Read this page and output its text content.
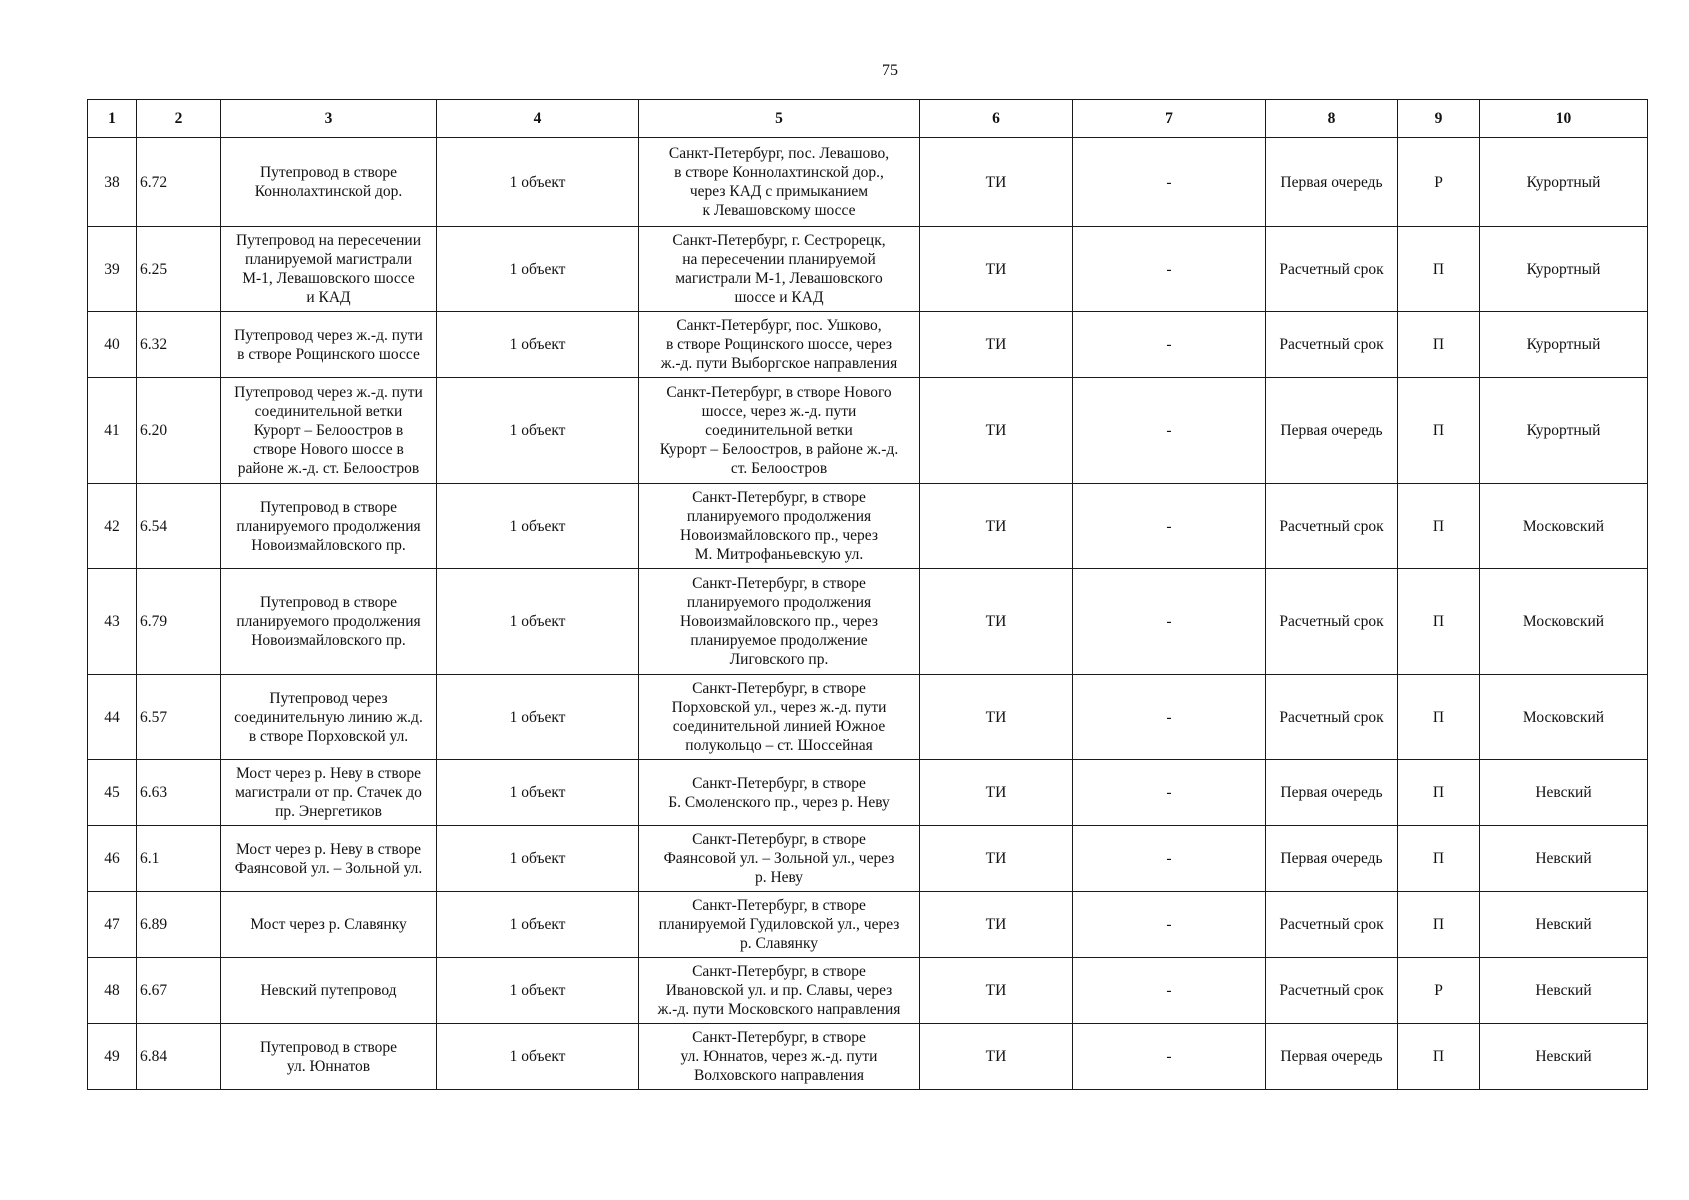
75
1	2	3	4	5	6	7	8	9	10
38	6.72	Путепровод в створе
Коннолахтинской дор.	1 объект	Санкт-Петербург, пос. Левашово,
в створе Коннолахтинской дор.,
через КАД с примыканием
к Левашовскому шоссе	ТИ	-	Первая очередь	Р	Курортный
39	6.25	Путепровод на пересечении
планируемой магистрали
М-1, Левашовского шоссе
и КАД	1 объект	Санкт-Петербург, г. Сестрорецк,
на пересечении планируемой
магистрали М-1, Левашовского
шоссе и КАД	ТИ	-	Расчетный срок	П	Курортный
40	6.32	Путепровод через ж.-д. пути
в створе Рощинского шоссе	1 объект	Санкт-Петербург, пос. Ушково,
в створе Рощинского шоссе, через
ж.-д. пути Выборгское направления	ТИ	-	Расчетный срок	П	Курортный
41	6.20	Путепровод через ж.-д. пути
соединительной ветки
Курорт – Белоостров в
створе Нового шоссе в
районе ж.-д. ст. Белоостров	1 объект	Санкт-Петербург, в створе Нового
шоссе, через ж.-д. пути
соединительной ветки
Курорт – Белоостров, в районе ж.-д.
ст. Белоостров	ТИ	-	Первая очередь	П	Курортный
42	6.54	Путепровод в створе
планируемого продолжения
Новоизмайловского пр.	1 объект	Санкт-Петербург, в створе
планируемого продолжения
Новоизмайловского пр., через
М. Митрофаньевскую ул.	ТИ	-	Расчетный срок	П	Московский
43	6.79	Путепровод в створе
планируемого продолжения
Новоизмайловского пр.	1 объект	Санкт-Петербург, в створе
планируемого продолжения
Новоизмайловского пр., через
планируемое продолжение
Лиговского пр.	ТИ	-	Расчетный срок	П	Московский
44	6.57	Путепровод через
соединительную линию ж.д.
в створе Порховской ул.	1 объект	Санкт-Петербург, в створе
Порховской ул., через ж.-д. пути
соединительной линией Южное
полукольцо – ст. Шоссейная	ТИ	-	Расчетный срок	П	Московский
45	6.63	Мост через р. Неву в створе
магистрали от пр. Стачек до
пр. Энергетиков	1 объект	Санкт-Петербург, в створе
Б. Смоленского пр., через р. Неву	ТИ	-	Первая очередь	П	Невский
46	6.1	Мост через р. Неву в створе
Фаянсовой ул. – Зольной ул.	1 объект	Санкт-Петербург, в створе
Фаянсовой ул. – Зольной ул., через
р. Неву	ТИ	-	Первая очередь	П	Невский
47	6.89	Мост через р. Славянку	1 объект	Санкт-Петербург, в створе
планируемой Гудиловской ул., через
р. Славянку	ТИ	-	Расчетный срок	П	Невский
48	6.67	Невский путепровод	1 объект	Санкт-Петербург, в створе
Ивановской ул. и пр. Славы, через
ж.-д. пути Московского направления	ТИ	-	Расчетный срок	Р	Невский
49	6.84	Путепровод в створе
ул. Юннатов	1 объект	Санкт-Петербург, в створе
ул. Юннатов, через ж.-д. пути
Волховского направления	ТИ	-	Первая очередь	П	Невский
